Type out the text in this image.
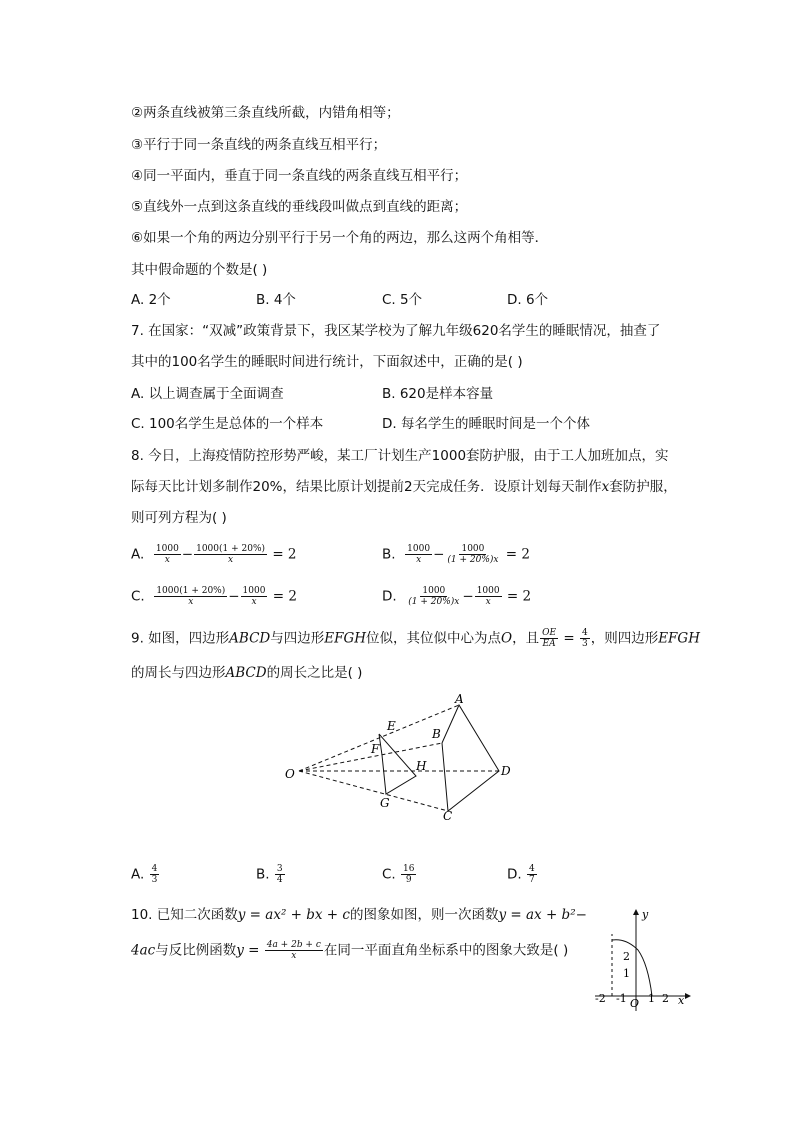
②两条直线被第三条直线所截，内错角相等；
③平行于同一条直线的两条直线互相平行；
④同一平面内，垂直于同一条直线的两条直线互相平行；
⑤直线外一点到这条直线的垂线段叫做点到直线的距离；
⑥如果一个角的两边分别平行于另一个角的两边，那么这两个角相等．
其中假命题的个数是( )
A. 2个	B. 4个	C. 5个	D. 6个
7. 在国家：“双减”政策背景下，我区某学校为了解九年级620名学生的睡眠情况，抽查了
其中的100名学生的睡眠时间进行统计，下面叙述中，正确的是( )
A. 以上调查属于全面调查	B. 620是样本容量
C. 100名学生是总体的一个样本	D. 每名学生的睡眠时间是一个个体
8. 今日，上海疫情防控形势严峻，某工厂计划生产1000套防护服，由于工人加班加点，实
际每天比计划多制作20%，结果比原计划提前2天完成任务．设原计划每天制作x套防护服，
则可列方程为( )
A. $\frac{1000}{x} - \frac{1000(1 + 20\%)}{x} = 2$	B. $\frac{1000}{x} - \frac{1000}{(1 + 20\%)x} = 2$
C. $\frac{1000(1 + 20\%)}{x} - \frac{1000}{x} = 2$	D. $\frac{1000}{(1 + 20\%)x} - \frac{1000}{x} = 2$
9. 如图，四边形ABCD与四边形EFGH位似，其位似中心为点O，且 $\frac{OE}{EA} = \frac{4}{3}$ ，则四边形EFGH
的周长与四边形ABCD的周长之比是( )
O
A
B
C
D
E
F
G
H
A. $\frac{4}{3}$	B. $\frac{3}{4}$	C. $\frac{16}{9}$	D. $\frac{4}{7}$
10. 已知二次函数y = ax² + bx + c的图象如图，则一次函数y = ax + b²−
4ac与反比例函数$y = \frac{4a + 2b + c}{x}$ 在同一平面直角坐标系中的图象大致是( )
y
x
O
-2 -1 1 2
2
1
